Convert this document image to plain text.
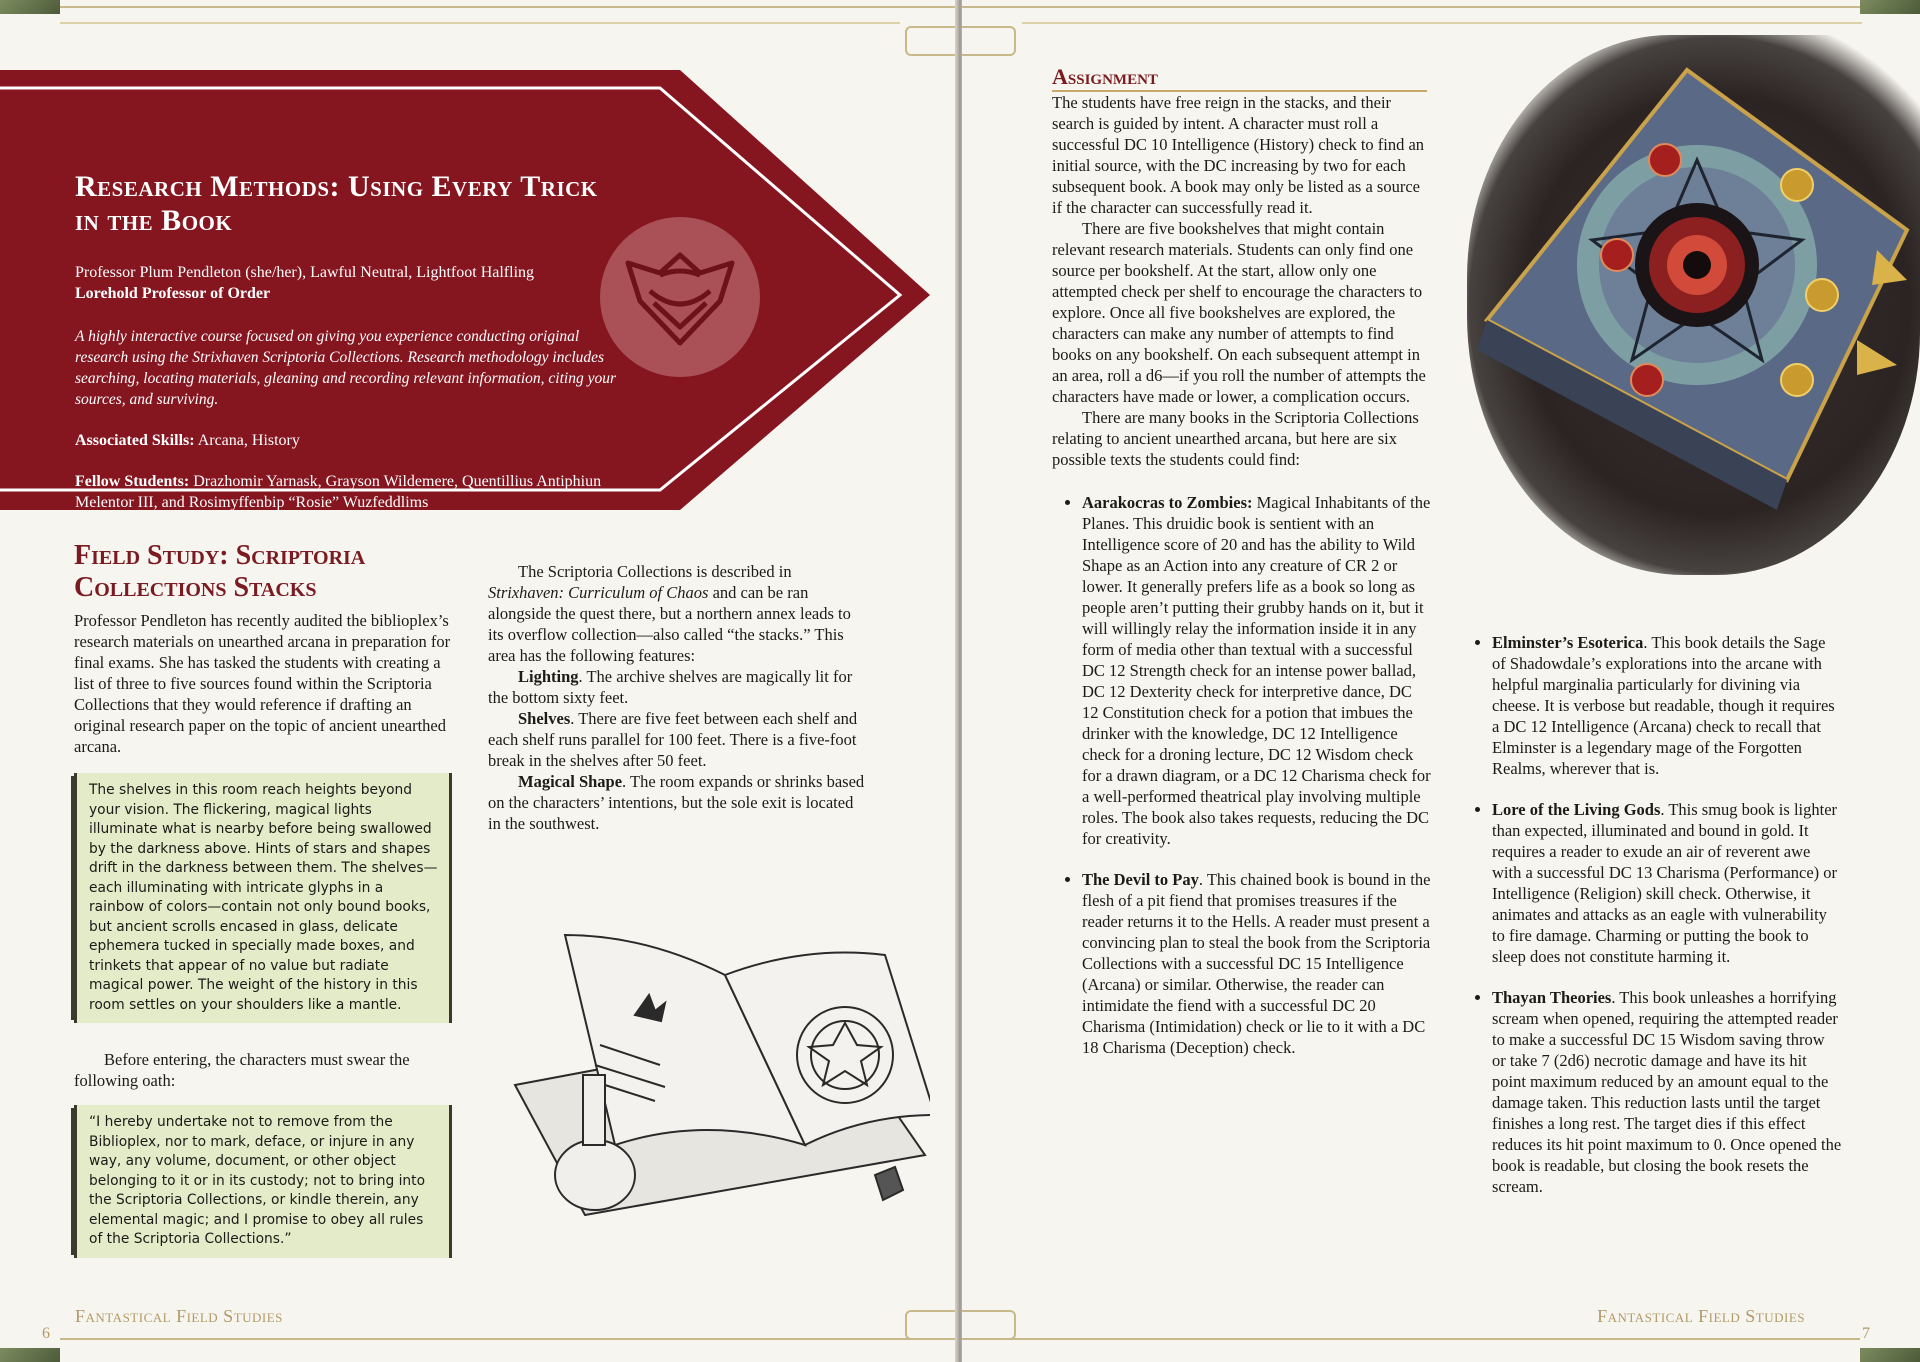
Research Methods: Using Every Trick
in the Book

Professor Plum Pendleton (she/her), Lawful Neutral, Lightfoot Halfling

Lorehold Professor of Order

A highly interactive course focused on giving you experience conducting original research using the Strixhaven Scriptoria Collections. Research methodology includes searching, locating materials, gleaning and recording relevant information, citing your sources, and surviving.

Associated Skills: Arcana, History

Fellow Students: Drazhomir Yarnask, Grayson Wildemere, Quentillius Antiphiun Melentor III, and Rosimyffenbip “Rosie” Wuzfeddlims

Field Study: Scriptoria
Collections Stacks

Professor Pendleton has recently audited the biblioplex’s research materials on unearthed arcana in preparation for final exams. She has tasked the students with creating a list of three to five sources found within the Scriptoria Collections that they would reference if drafting an original research paper on the topic of ancient unearthed arcana.

The shelves in this room reach heights beyond your vision. The flickering, magical lights illuminate what is nearby before being swallowed by the darkness above. Hints of stars and shapes drift in the darkness between them. The shelves—each illuminating with intricate glyphs in a rainbow of colors—contain not only bound books, but ancient scrolls encased in glass, delicate ephemera tucked in specially made boxes, and trinkets that appear of no value but radiate magical power. The weight of the history in this room settles on your shoulders like a mantle.

Before entering, the characters must swear the following oath:

“I hereby undertake not to remove from the Biblioplex, nor to mark, deface, or injure in any way, any volume, document, or other object belonging to it or in its custody; not to bring into the Scriptoria Collections, or kindle therein, any elemental magic; and I promise to obey all rules of the Scriptoria Collections.”

The Scriptoria Collections is described in Strixhaven: Curriculum of Chaos and can be ran alongside the quest there, but a northern annex leads to its overflow collection—also called “the stacks.” This area has the following features:

Lighting. The archive shelves are magically lit for the bottom sixty feet.

Shelves. There are five feet between each shelf and each shelf runs parallel for 100 feet. There is a five-foot break in the shelves after 50 feet.

Magical Shape. The room expands or shrinks based on the characters’ intentions, but the sole exit is located in the southwest.

Fantastical Field Studies
6
Assignment

The students have free reign in the stacks, and their search is guided by intent. A character must roll a successful DC 10 Intelligence (History) check to find an initial source, with the DC increasing by two for each subsequent book. A book may only be listed as a source if the character can successfully read it.

There are five bookshelves that might contain relevant research materials. Students can only find one source per bookshelf. At the start, allow only one attempted check per shelf to encourage the characters to explore. Once all five bookshelves are explored, the characters can make any number of attempts to find books on any bookshelf. On each subsequent attempt in an area, roll a d6—if you roll the number of attempts the characters have made or lower, a complication occurs.

There are many books in the Scriptoria Collections relating to ancient unearthed arcana, but here are six possible texts the students could find:

• Aarakocras to Zombies: Magical Inhabitants of the Planes. This druidic book is sentient with an Intelligence score of 20 and has the ability to Wild Shape as an Action into any creature of CR 2 or lower. It generally prefers life as a book so long as people aren’t putting their grubby hands on it, but it will willingly relay the information inside it in any form of media other than textual with a successful DC 12 Strength check for an intense power ballad, DC 12 Dexterity check for interpretive dance, DC 12 Constitution check for a potion that imbues the drinker with the knowledge, DC 12 Intelligence check for a droning lecture, DC 12 Wisdom check for a drawn diagram, or a DC 12 Charisma check for a well-performed theatrical play involving multiple roles. The book also takes requests, reducing the DC for creativity.
• The Devil to Pay. This chained book is bound in the flesh of a pit fiend that promises treasures if the reader returns it to the Hells. A reader must present a convincing plan to steal the book from the Scriptoria Collections with a successful DC 15 Intelligence (Arcana) or similar. Otherwise, the reader can intimidate the fiend with a successful DC 20 Charisma (Intimidation) check or lie to it with a DC 18 Charisma (Deception) check.
• Elminster’s Esoterica. This book details the Sage of Shadowdale’s explorations into the arcane with helpful marginalia particularly for divining via cheese. It is verbose but readable, though it requires a DC 12 Intelligence (Arcana) check to recall that Elminster is a legendary mage of the Forgotten Realms, wherever that is.
• Lore of the Living Gods. This smug book is lighter than expected, illuminated and bound in gold. It requires a reader to exude an air of reverent awe with a successful DC 13 Charisma (Performance) or Intelligence (Religion) skill check. Otherwise, it animates and attacks as an eagle with vulnerability to fire damage. Charming or putting the book to sleep does not constitute harming it.
• Thayan Theories. This book unleashes a horrifying scream when opened, requiring the attempted reader to make a successful DC 15 Wisdom saving throw or take 7 (2d6) necrotic damage and have its hit point maximum reduced by an amount equal to the damage taken. This reduction lasts until the target finishes a long rest. The target dies if this effect reduces its hit point maximum to 0. Once opened the book is readable, but closing the book resets the scream.
Fantastical Field Studies
7
